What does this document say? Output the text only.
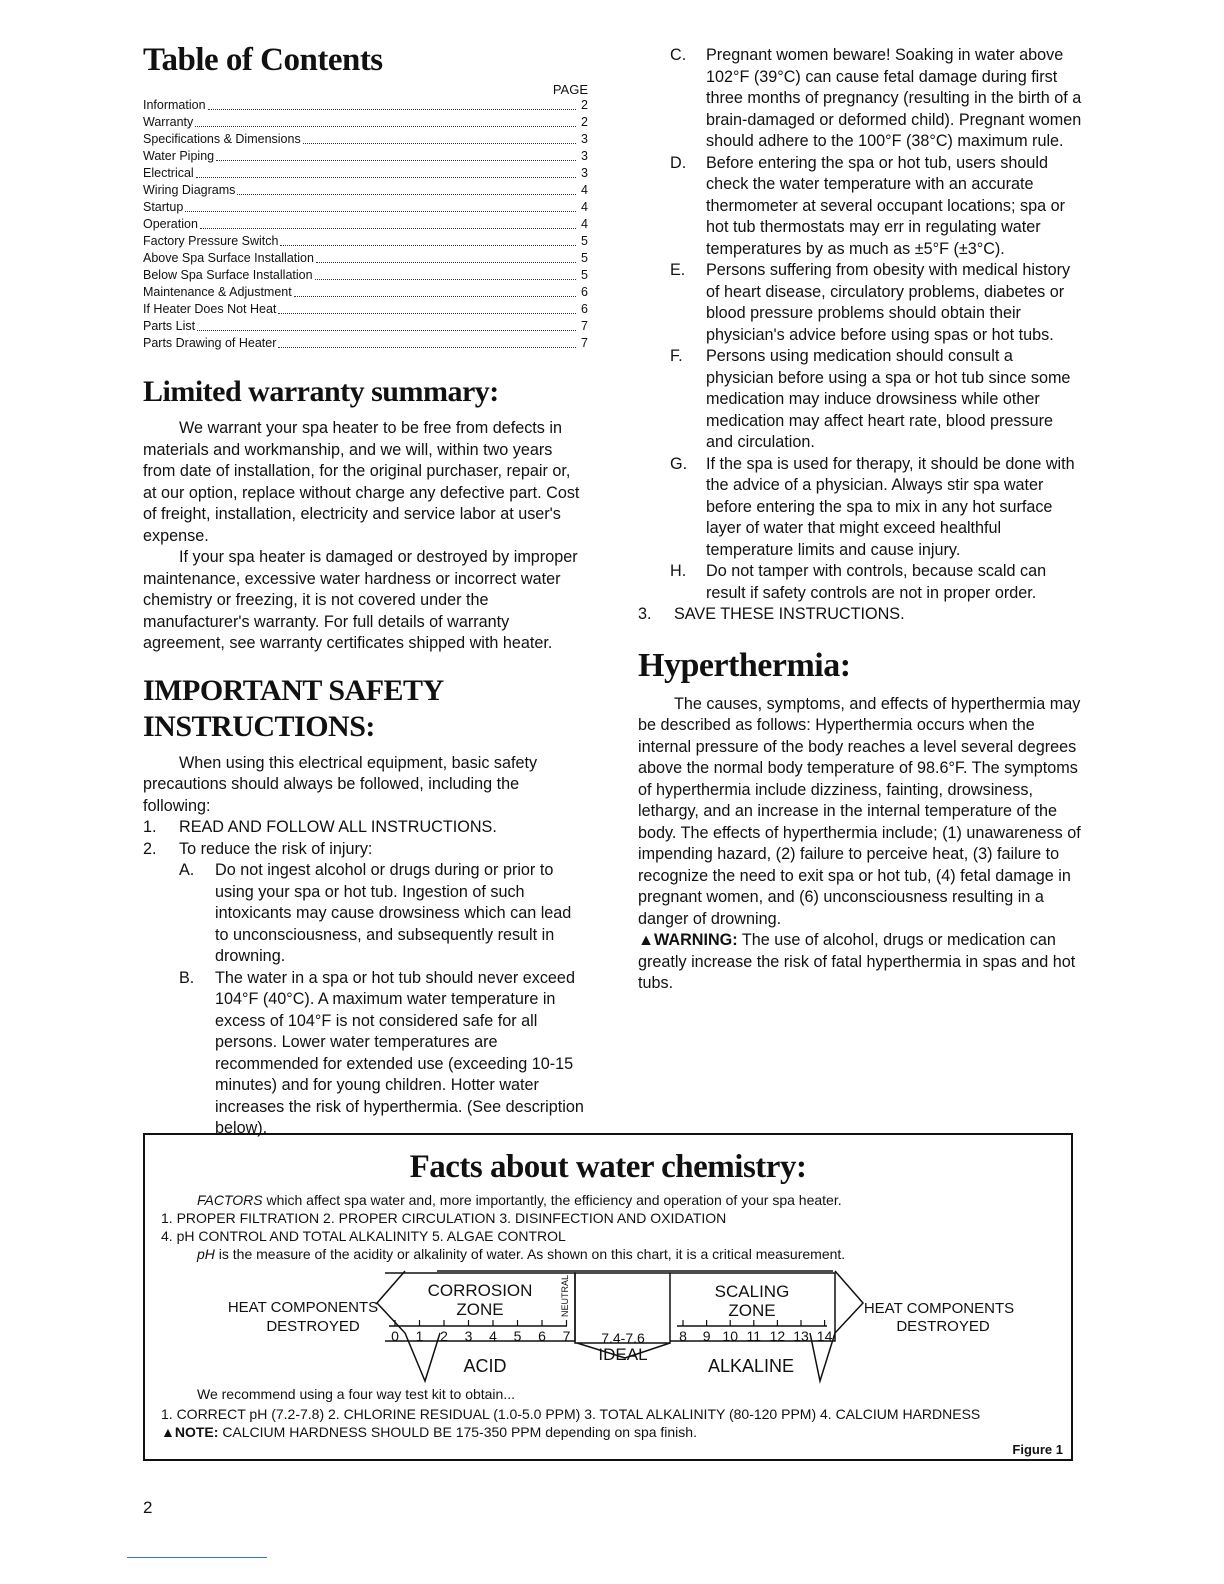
Table of Contents
PAGE
Information	2
Warranty	2
Specifications & Dimensions	3
Water Piping	3
Electrical	3
Wiring Diagrams	4
Startup	4
Operation	4
Factory Pressure Switch	5
Above Spa Surface Installation	5
Below Spa Surface Installation	5
Maintenance & Adjustment	6
If Heater Does Not Heat	6
Parts List	7
Parts Drawing of Heater	7
Limited warranty summary:

We warrant your spa heater to be free from defects in materials and workmanship, and we will, within two years from date of installation, for the original purchaser, repair or, at our option, replace without charge any defective part. Cost of freight, installation, electricity and service labor at user's expense.

If your spa heater is damaged or destroyed by improper maintenance, excessive water hardness or incorrect water chemistry or freezing, it is not covered under the manufacturer's warranty. For full details of warranty agreement, see warranty certificates shipped with heater.

IMPORTANT SAFETY INSTRUCTIONS:

When using this electrical equipment, basic safety precautions should always be followed, including the following:

1.	READ AND FOLLOW ALL INSTRUCTIONS.
2.	To reduce the risk of injury:
A.	Do not ingest alcohol or drugs during or prior to using your spa or hot tub. Ingestion of such intoxicants may cause drowsiness which can lead to unconsciousness, and subsequently result in drowning.
B.	The water in a spa or hot tub should never exceed 104°F (40°C). A maximum water temperature in excess of 104°F is not considered safe for all persons. Lower water temperatures are recommended for extended use (exceeding 10-15 minutes) and for young children. Hotter water increases the risk of hyperthermia. (See description below).
C.	Pregnant women beware! Soaking in water above 102°F (39°C) can cause fetal damage during first three months of pregnancy (resulting in the birth of a brain-damaged or deformed child). Pregnant women should adhere to the 100°F (38°C) maximum rule.
D.	Before entering the spa or hot tub, users should check the water temperature with an accurate thermometer at several occupant locations; spa or hot tub thermostats may err in regulating water temperatures by as much as ±5°F (±3°C).
E.	Persons suffering from obesity with medical history of heart disease, circulatory problems, diabetes or blood pressure problems should obtain their physician's advice before using spas or hot tubs.
F.	Persons using medication should consult a physician before using a spa or hot tub since some medication may induce drowsiness while other medication may affect heart rate, blood pressure and circulation.
G.	If the spa is used for therapy, it should be done with the advice of a physician. Always stir spa water before entering the spa to mix in any hot surface layer of water that might exceed healthful temperature limits and cause injury.
H.	Do not tamper with controls, because scald can result if safety controls are not in proper order.
3.	SAVE THESE INSTRUCTIONS.
Hyperthermia:

The causes, symptoms, and effects of hyperthermia may be described as follows: Hyperthermia occurs when the internal pressure of the body reaches a level several degrees above the normal body temperature of 98.6°F. The symptoms of hyperthermia include dizziness, fainting, drowsiness, lethargy, and an increase in the internal temperature of the body. The effects of hyperthermia include; (1) unawareness of impending hazard, (2) failure to perceive heat, (3) failure to recognize the need to exit spa or hot tub, (4) fetal damage in pregnant women, and (6) unconsciousness resulting in a danger of drowning.

▲WARNING: The use of alcohol, drugs or medication can greatly increase the risk of fatal hyperthermia in spas and hot tubs.

Facts about water chemistry:
FACTORS which affect spa water and, more importantly, the efficiency and operation of your spa heater.
1. PROPER FILTRATION 2. PROPER CIRCULATION 3. DISINFECTION AND OXIDATION
4. pH CONTROL AND TOTAL ALKALINITY 5. ALGAE CONTROL
pH is the measure of the acidity or alkalinity of water. As shown on this chart, it is a critical measurement.
0 1 2 3 4 5 6 7	8 9 10 11 12 13 14
HEAT COMPONENTS
DESTROYED
CORROSION
ZONE	NEUTRAL	SCALING
ZONE	HEAT COMPONENTS
DESTROYED
7.4-7.6
IDEAL
ACID	ALKALINE
We recommend using a four way test kit to obtain...
1. CORRECT pH (7.2-7.8) 2. CHLORINE RESIDUAL (1.0-5.0 PPM) 3. TOTAL ALKALINITY (80-120 PPM) 4. CALCIUM HARDNESS
▲NOTE: CALCIUM HARDNESS SHOULD BE 175-350 PPM depending on spa finish.
Figure 1
2
